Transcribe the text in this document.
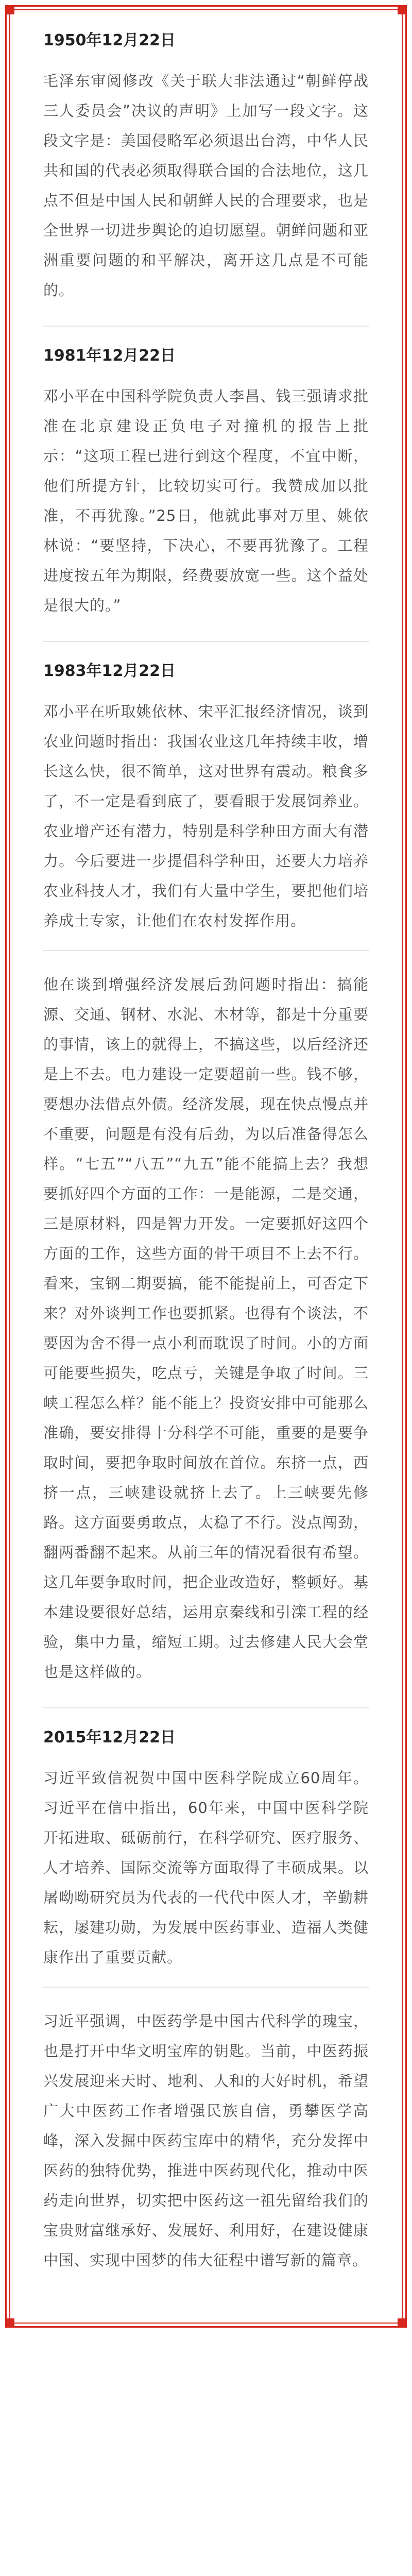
1950年12月22日

毛泽东审阅修改《关于联大非法通过“朝鲜停战三人委员会”决议的声明》上加写一段文字。这段文字是：美国侵略军必须退出台湾，中华人民共和国的代表必须取得联合国的合法地位，这几点不但是中国人民和朝鲜人民的合理要求，也是全世界一切进步舆论的迫切愿望。朝鲜问题和亚洲重要问题的和平解决，离开这几点是不可能的。

1981年12月22日

邓小平在中国科学院负责人李昌、钱三强请求批准在北京建设正负电子对撞机的报告上批示：“这项工程已进行到这个程度，不宜中断，他们所提方针，比较切实可行。我赞成加以批准，不再犹豫。”25日，他就此事对万里、姚依林说：“要坚持，下决心，不要再犹豫了。工程进度按五年为期限，经费要放宽一些。这个益处是很大的。”

1983年12月22日

邓小平在听取姚依林、宋平汇报经济情况，谈到农业问题时指出：我国农业这几年持续丰收，增长这么快，很不简单，这对世界有震动。粮食多了，不一定是看到底了，要看眼于发展饲养业。农业增产还有潜力，特别是科学种田方面大有潜力。今后要进一步提倡科学种田，还要大力培养农业科技人才，我们有大量中学生，要把他们培养成土专家，让他们在农村发挥作用。

他在谈到增强经济发展后劲问题时指出：搞能源、交通、钢材、水泥、木材等，都是十分重要的事情，该上的就得上，不搞这些，以后经济还是上不去。电力建设一定要超前一些。钱不够，要想办法借点外债。经济发展，现在快点慢点并不重要，问题是有没有后劲，为以后准备得怎么样。“七五”“八五”“九五”能不能搞上去？我想要抓好四个方面的工作：一是能源，二是交通，三是原材料，四是智力开发。一定要抓好这四个方面的工作，这些方面的骨干项目不上去不行。看来，宝钢二期要搞，能不能提前上，可否定下来？对外谈判工作也要抓紧。也得有个谈法，不要因为舍不得一点小利而耽误了时间。小的方面可能要些损失，吃点亏，关键是争取了时间。三峡工程怎么样？能不能上？投资安排中可能那么准确，要安排得十分科学不可能，重要的是要争取时间，要把争取时间放在首位。东挤一点，西挤一点，三峡建设就挤上去了。上三峡要先修路。这方面要勇敢点，太稳了不行。没点闯劲，翻两番翻不起来。从前三年的情况看很有希望。这几年要争取时间，把企业改造好，整顿好。基本建设要很好总结，运用京秦线和引滦工程的经验，集中力量，缩短工期。过去修建人民大会堂也是这样做的。

2015年12月22日

习近平致信祝贺中国中医科学院成立60周年。习近平在信中指出，60年来，中国中医科学院开拓进取、砥砺前行，在科学研究、医疗服务、人才培养、国际交流等方面取得了丰硕成果。以屠呦呦研究员为代表的一代代中医人才，辛勤耕耘，屡建功勋，为发展中医药事业、造福人类健康作出了重要贡献。

习近平强调，中医药学是中国古代科学的瑰宝，也是打开中华文明宝库的钥匙。当前，中医药振兴发展迎来天时、地利、人和的大好时机，希望广大中医药工作者增强民族自信，勇攀医学高峰，深入发掘中医药宝库中的精华，充分发挥中医药的独特优势，推进中医药现代化，推动中医药走向世界，切实把中医药这一祖先留给我们的宝贵财富继承好、发展好、利用好，在建设健康中国、实现中国梦的伟大征程中谱写新的篇章。
